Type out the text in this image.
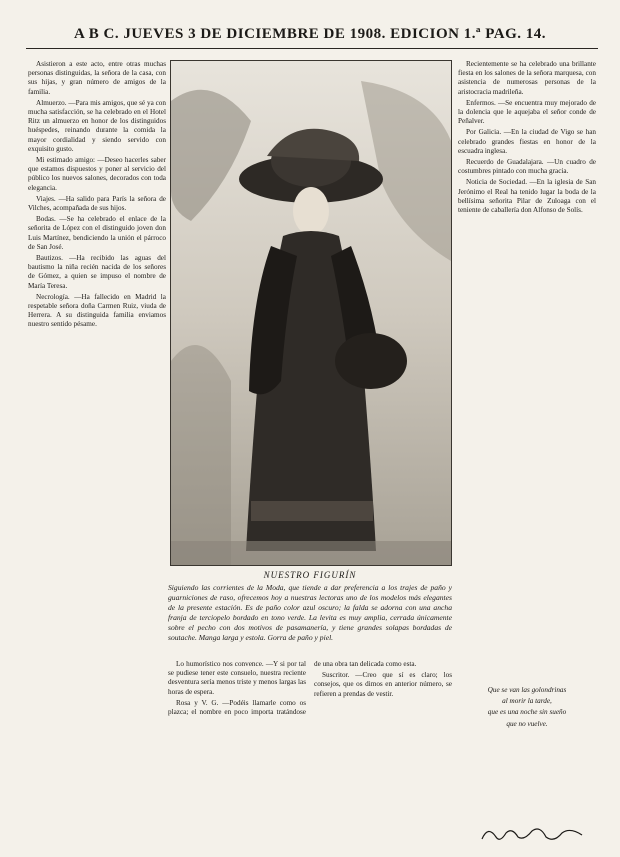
A B C. JUEVES 3 DE DICIEMBRE DE 1908. EDICION 1.ª PAG. 14.

Asistieron a este acto, entre otras muchas personas distinguidas, la señora de la casa, con sus hijas, y gran número de amigos de la familia.

Almuerzo. —Para mis amigos, que sé ya con mucha satisfacción, se ha celebrado en el Hotel Ritz un almuerzo en honor de los distinguidos huéspedes, reinando durante la comida la mayor cordialidad y siendo servido con exquisito gusto.

Mi estimado amigo: —Deseo hacerles saber que estamos dispuestos y poner al servicio del público los nuevos salones, decorados con toda elegancia.

Viajes. —Ha salido para París la señora de Vilches, acompañada de sus hijos.

Bodas. —Se ha celebrado el enlace de la señorita de López con el distinguido joven don Luis Martínez, bendiciendo la unión el párroco de San José.

Bautizos. —Ha recibido las aguas del bautismo la niña recién nacida de los señores de Gómez, a quien se impuso el nombre de María Teresa.

Necrología. —Ha fallecido en Madrid la respetable señora doña Carmen Ruiz, viuda de Herrera. A su distinguida familia enviamos nuestro sentido pésame.

NUESTRO FIGURÍN
Siguiendo las corrientes de la Moda, que tiende a dar preferencia a los trajes de paño y guarniciones de raso, ofrecemos hoy a nuestras lectoras uno de los modelos más elegantes de la presente estación. Es de paño color azul oscuro; la falda se adorna con una ancha franja de terciopelo bordado en tono verde. La levita es muy amplia, cerrada únicamente sobre el pecho con dos motivos de pasamanería, y tiene grandes solapas bordadas de soutache. Manga larga y estola. Gorra de paño y piel.

Lo humorístico nos convence. —Y si por tal se pudiese tener este consuelo, nuestra reciente desventura sería menos triste y menos largas las horas de espera.

Rosa y V. G. —Podéis llamarle como os plazca; el nombre en poco importa tratándose de una obra tan delicada como esta.

Suscritor. —Creo que sí es claro; los consejos, que os dimos en anterior número, se refieren a prendas de vestir.

Recientemente se ha celebrado una brillante fiesta en los salones de la señora marquesa, con asistencia de numerosas personas de la aristocracia madrileña.

Enfermos. —Se encuentra muy mejorado de la dolencia que le aquejaba el señor conde de Peñalver.

Por Galicia. —En la ciudad de Vigo se han celebrado grandes fiestas en honor de la escuadra inglesa.

Recuerdo de Guadalajara. —Un cuadro de costumbres pintado con mucha gracia.

Noticia de Sociedad. —En la iglesia de San Jerónimo el Real ha tenido lugar la boda de la bellísima señorita Pilar de Zuloaga con el teniente de caballería don Alfonso de Solís.

Que se van las golondrinas
al morir la tarde,
que es una noche sin sueño
que no vuelve.
